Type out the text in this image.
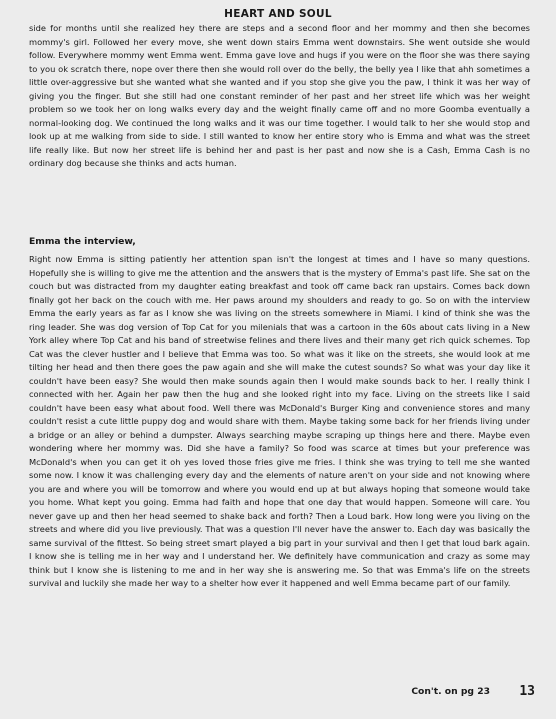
HEART AND SOUL

side for months until she realized hey there are steps and a second floor and her mommy and then she becomes mommy's girl. Followed her every move, she went down stairs Emma went downstairs. She went outside she would follow. Everywhere mommy went Emma went. Emma gave love and hugs if you were on the floor she was there saying to you ok scratch there, nope over there then she would roll over do the belly, the belly yea I like that ahh sometimes a little over-aggressive but she wanted what she wanted and if you stop she give you the paw, I think it was her way of giving you the finger. But she still had one constant reminder of her past and her street life which was her weight problem so we took her on long walks every day and the weight finally came off and no more Goomba eventually a normal-looking dog. We continued the long walks and it was our time together. I would talk to her she would stop and look up at me walking from side to side. I still wanted to know her entire story who is Emma and what was the street life really like. But now her street life is behind her and past is her past and now she is a Cash, Emma Cash is no ordinary dog because she thinks and acts human.

Emma the interview,

Right now Emma is sitting patiently her attention span isn't the longest at times and I have so many questions. Hopefully she is willing to give me the attention and the answers that is the mystery of Emma's past life. She sat on the couch but was distracted from my daughter eating breakfast and took off came back ran upstairs. Comes back down finally got her back on the couch with me. Her paws around my shoulders and ready to go. So on with the interview Emma the early years as far as I know she was living on the streets somewhere in Miami. I kind of think she was the ring leader. She was dog version of Top Cat for you milenials that was a cartoon in the 60s about cats living in a New York alley where Top Cat and his band of streetwise felines and there lives and their many get rich quick schemes. Top Cat was the clever hustler and I believe that Emma was too. So what was it like on the streets, she would look at me tilting her head and then there goes the paw again and she will make the cutest sounds? So what was your day like it couldn't have been easy? She would then make sounds again then I would make sounds back to her. I really think I connected with her. Again her paw then the hug and she looked right into my face. Living on the streets like I said couldn't have been easy what about food. Well there was McDonald's Burger King and convenience stores and many couldn't resist a cute little puppy dog and would share with them. Maybe taking some back for her friends living under a bridge or an alley or behind a dumpster. Always searching maybe scraping up things here and there. Maybe even wondering where her mommy was. Did she have a family? So food was scarce at times but your preference was McDonald's when you can get it oh yes loved those fries give me fries. I think she was trying to tell me she wanted some now. I know it was challenging every day and the elements of nature aren't on your side and not knowing where you are and where you will be tomorrow and where you would end up at but always hoping that someone would take you home. What kept you going. Emma had faith and hope that one day that would happen. Someone will care. You never gave up and then her head seemed to shake back and forth? Then a Loud bark. How long were you living on the streets and where did you live previously. That was a question I'll never have the answer to. Each day was basically the same survival of the fittest. So being street smart played a big part in your survival and then I get that loud bark again. I know she is telling me in her way and I understand her. We definitely have communication and crazy as some may think but I know she is listening to me and in her way she is answering me. So that was Emma's life on the streets survival and luckily she made her way to a shelter how ever it happened and well Emma became part of our family.

Con't. on pg 23 13
